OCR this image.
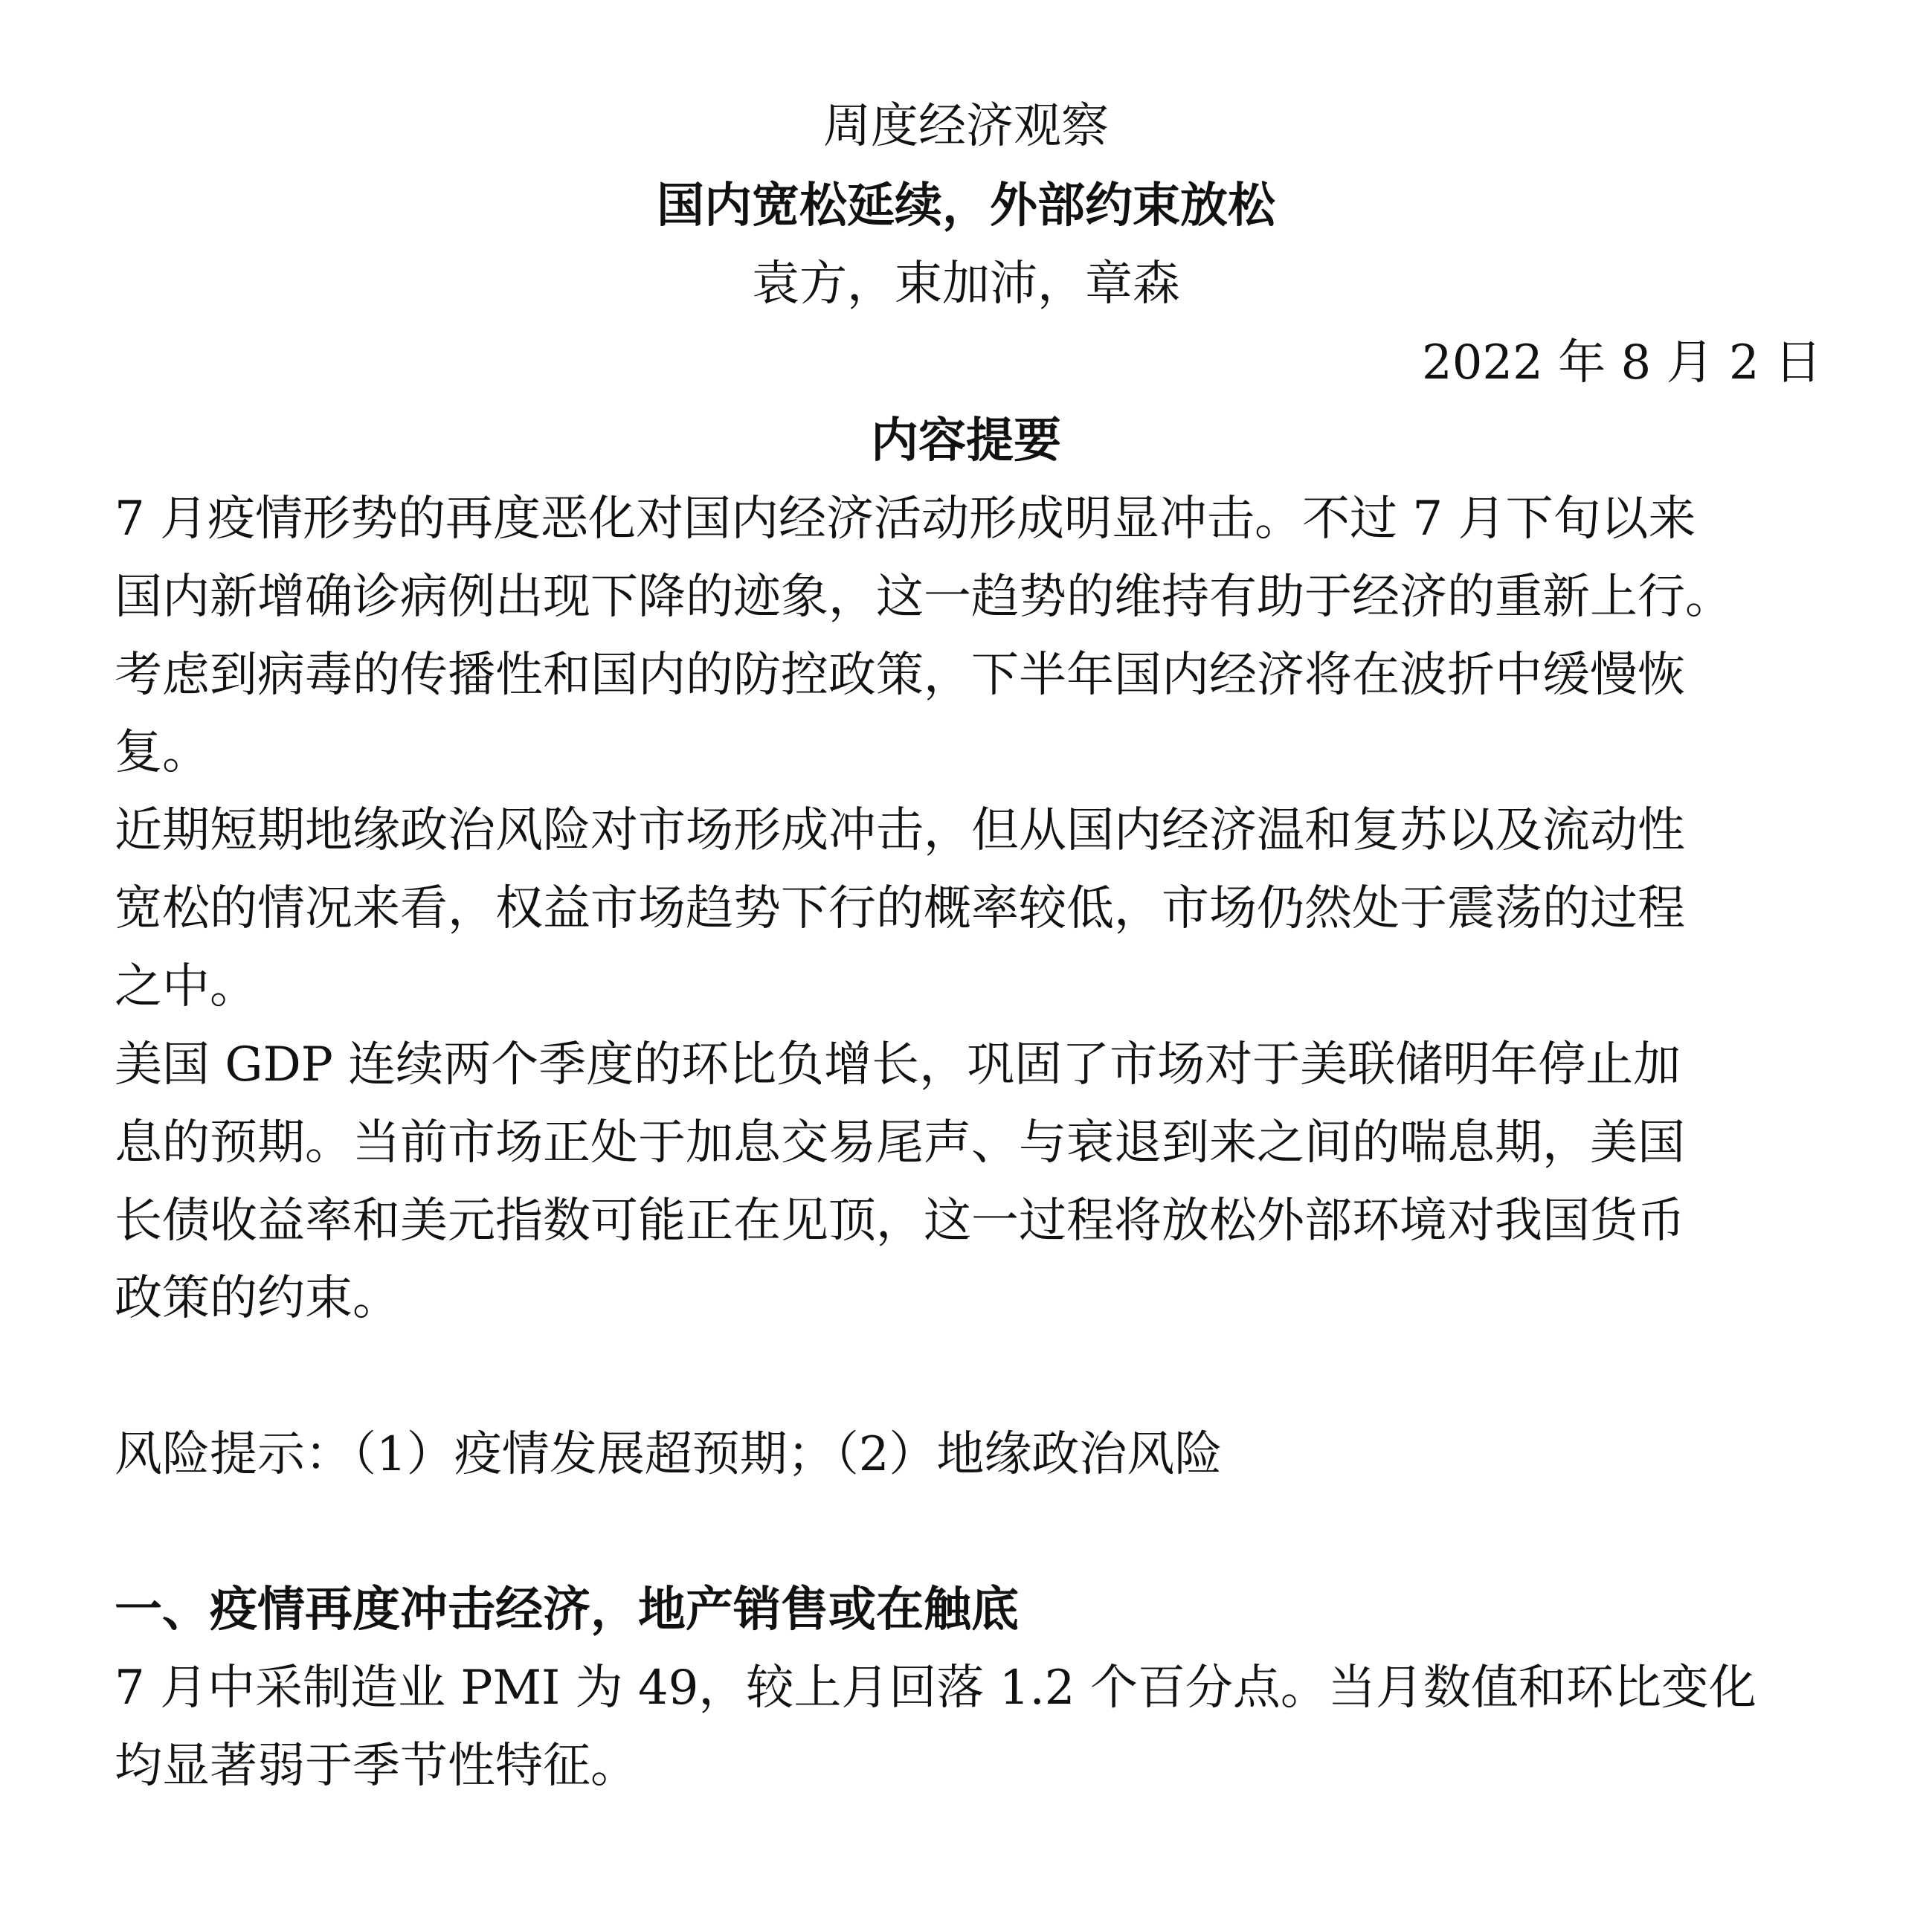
周度经济观察
国内宽松延续，外部约束放松
袁方，束加沛，章森
2022 年 8 月 2 日
内容提要
7 月疫情形势的再度恶化对国内经济活动形成明显冲击。不过 7 月下旬以来
国内新增确诊病例出现下降的迹象，这一趋势的维持有助于经济的重新上行。
考虑到病毒的传播性和国内的防控政策，下半年国内经济将在波折中缓慢恢
复。
近期短期地缘政治风险对市场形成冲击，但从国内经济温和复苏以及流动性
宽松的情况来看，权益市场趋势下行的概率较低，市场仍然处于震荡的过程
之中。
美国 GDP 连续两个季度的环比负增长，巩固了市场对于美联储明年停止加
息的预期。当前市场正处于加息交易尾声、与衰退到来之间的喘息期，美国
长债收益率和美元指数可能正在见顶，这一过程将放松外部环境对我国货币
政策的约束。
风险提示：（1）疫情发展超预期；（2）地缘政治风险
一、疫情再度冲击经济，地产销售或在触底
7 月中采制造业 PMI 为 49，较上月回落 1.2 个百分点。当月数值和环比变化
均显著弱于季节性特征。
